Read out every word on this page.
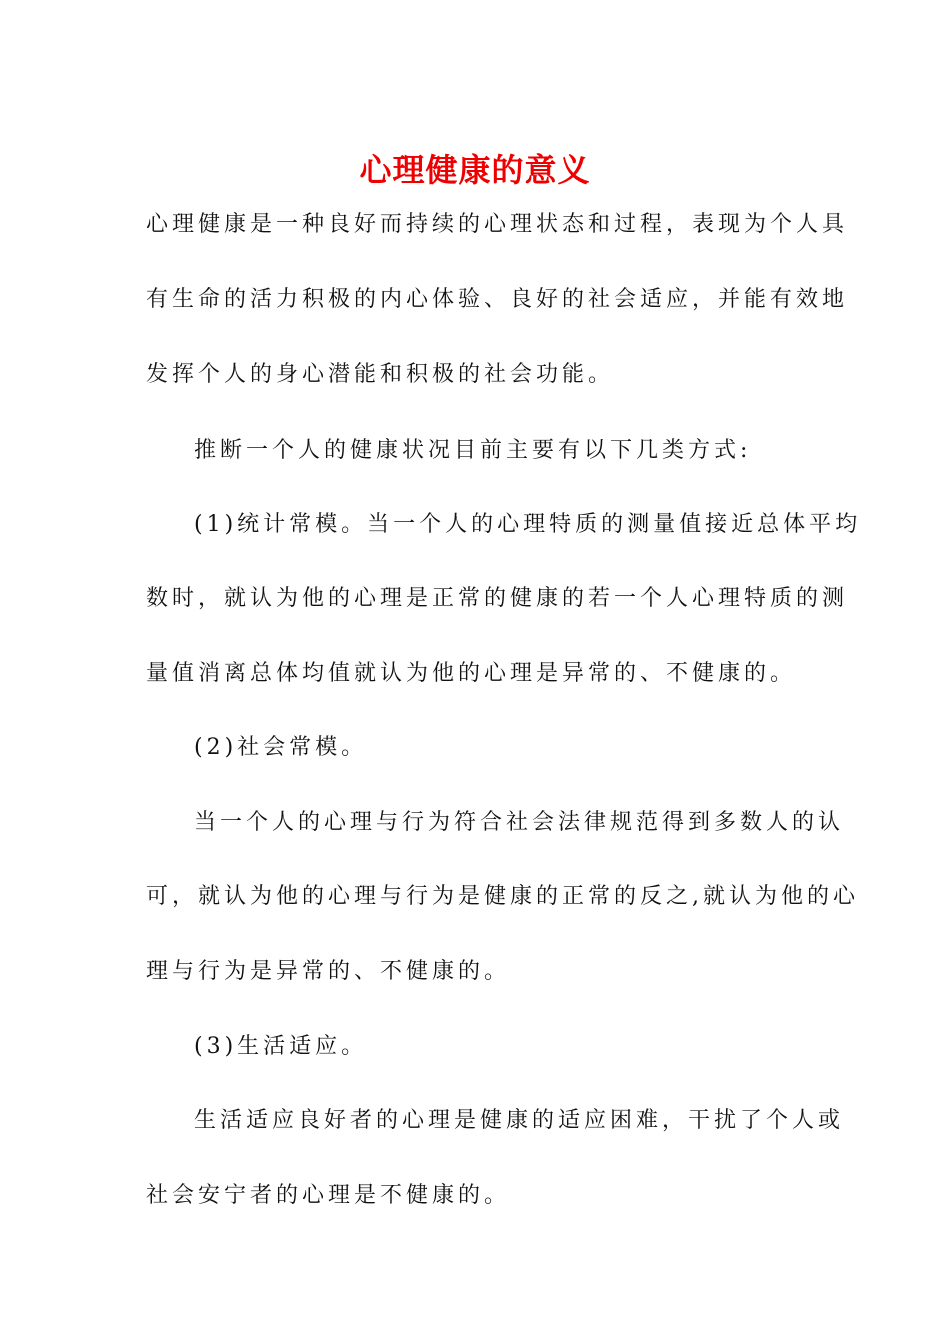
心理健康的意义

心理健康是一种良好而持续的心理状态和过程，表现为个人具

有生命的活力积极的内心体验、良好的社会适应，并能有效地

发挥个人的身心潜能和积极的社会功能。

推断一个人的健康状况目前主要有以下几类方式:

(1)统计常模。当一个人的心理特质的测量值接近总体平均

数时，就认为他的心理是正常的健康的若一个人心理特质的测

量值消离总体均值就认为他的心理是异常的、不健康的。

(2)社会常模。

当一个人的心理与行为符合社会法律规范得到多数人的认

可，就认为他的心理与行为是健康的正常的反之,就认为他的心

理与行为是异常的、不健康的。

(3)生活适应。

生活适应良好者的心理是健康的适应困难，干扰了个人或

社会安宁者的心理是不健康的。
